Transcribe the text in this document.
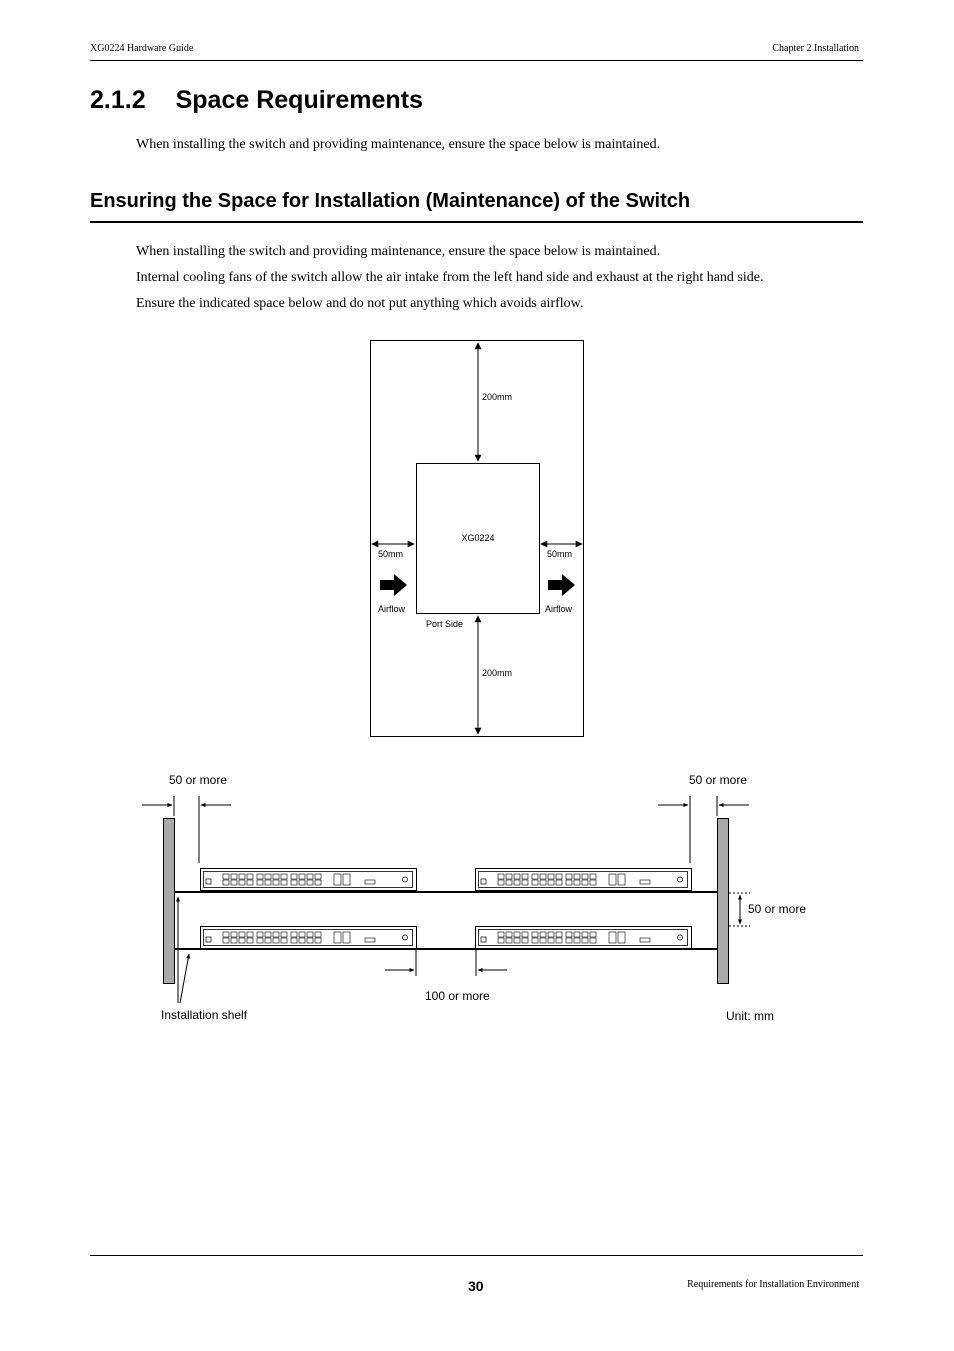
XG0224 Hardware Guide	Chapter 2 Installation
2.1.2 Space Requirements
When installing the switch and providing maintenance, ensure the space below is maintained.
Ensuring the Space for Installation (Maintenance) of the Switch
When installing the switch and providing maintenance, ensure the space below is maintained.
Internal cooling fans of the switch allow the air intake from the left hand side and exhaust at the right hand side.
Ensure the indicated space below and do not put anything which avoids airflow.
200mm
200mm
XG0224
50mm	50mm
Airflow	Airflow
Port Side
50 or more	50 or more
50 or more
100 or more
Installation shelf	Unit: mm
30	Requirements for Installation Environment
